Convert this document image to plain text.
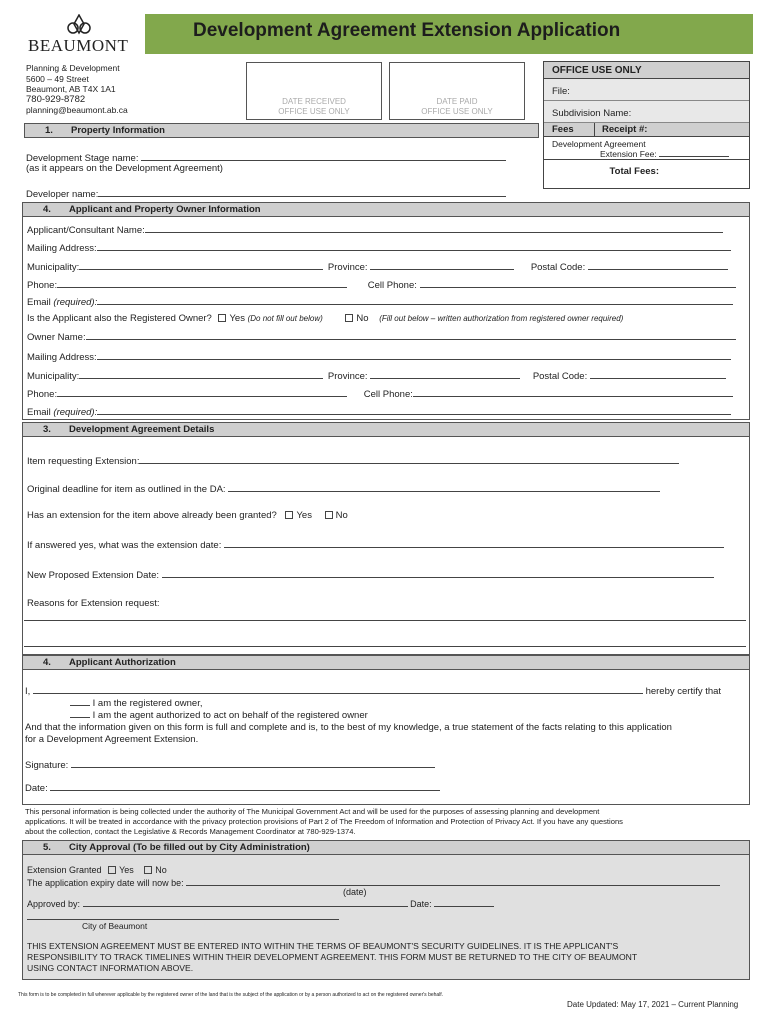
BEAUMONT
Development Agreement Extension Application
Planning & Development
5600 – 49 Street
Beaumont, AB T4X 1A1
780-929-8782
planning@beaumont.ab.ca
DATE RECEIVED
OFFICE USE ONLY
DATE PAID
OFFICE USE ONLY
OFFICE USE ONLY
File:
Subdivision Name:
Fees	Receipt #:
Development Agreement
Extension Fee:
Total Fees:
1. Property Information
Development Stage name:
(as it appears on the Development Agreement)
Developer name:
4. Applicant and Property Owner Information
Applicant/Consultant Name:
Mailing Address:
Municipality:	Province:	Postal Code:
Phone:	Cell Phone:
Email (required):
Is the Applicant also the Registered Owner? Yes (Do not fill out below)	No (Fill out below – written authorization from registered owner required)
Owner Name:
Mailing Address:
Municipality:	Province:	Postal Code:
Phone:	Cell Phone:
Email (required):
3. Development Agreement Details
Item requesting Extension:
Original deadline for item as outlined in the DA:
Has an extension for the item above already been granted? Yes No
If answered yes, what was the extension date:
New Proposed Extension Date:
Reasons for Extension request:
4. Applicant Authorization
I,	hereby certify that
I am the registered owner,
I am the agent authorized to act on behalf of the registered owner
And that the information given on this form is full and complete and is, to the best of my knowledge, a true statement of the facts relating to this application
for a Development Agreement Extension.
Signature:
Date:
This personal information is being collected under the authority of The Municipal Government Act and will be used for the purposes of assessing planning and development
applications. It will be treated in accordance with the privacy protection provisions of Part 2 of The Freedom of Information and Protection of Privacy Act. If you have any questions
about the collection, contact the Legislative & Records Management Coordinator at 780-929-1374.
5. City Approval (To be filled out by City Administration)
Extension Granted Yes No
The application expiry date will now be:
(date)
Approved by:	Date:
City of Beaumont
THIS EXTENSION AGREEMENT MUST BE ENTERED INTO WITHIN THE TERMS OF BEAUMONT'S SECURITY GUIDELINES. IT IS THE APPLICANT'S
RESPONSIBILITY TO TRACK TIMELINES WITHIN THEIR DEVELOPMENT AGREEMENT. THIS FORM MUST BE RETURNED TO THE CITY OF BEAUMONT
USING CONTACT INFORMATION ABOVE.
This form is to be completed in full wherever applicable by the registered owner of the land that is the subject of the application or by a person authorized to act on the registered owner's behalf.
Date Updated: May 17, 2021 – Current Planning
